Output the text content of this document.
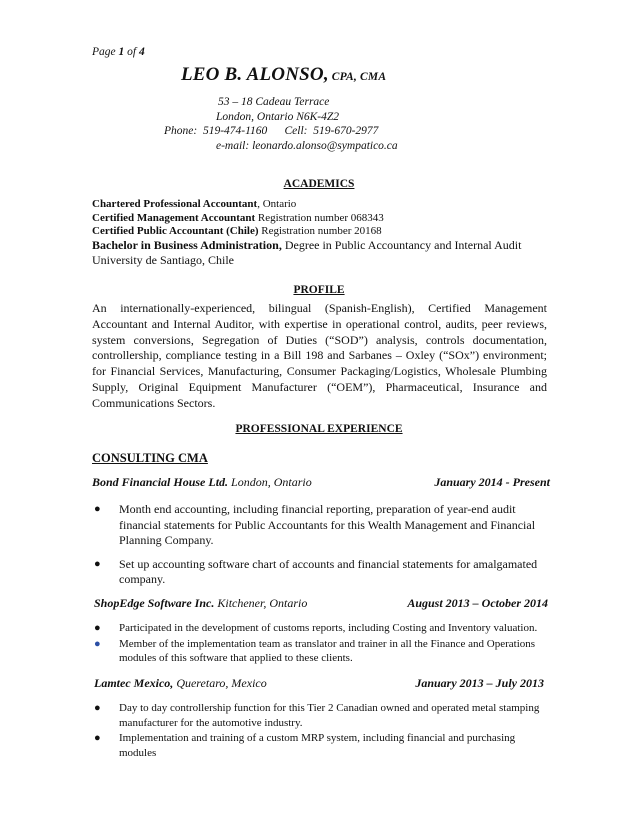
Page 1 of 4
LEO B. ALONSO, CPA, CMA
53 – 18 Cadeau Terrace
London, Ontario N6K-4Z2
Phone:  519-474-1160      Cell:  519-670-2977
e-mail: leonardo.alonso@sympatico.ca
ACADEMICS
Chartered Professional Accountant, Ontario
Certified Management Accountant Registration number 068343
Certified Public Accountant (Chile) Registration number 20168
Bachelor in Business Administration, Degree in Public Accountancy and Internal Audit
University de Santiago, Chile
PROFILE
An internationally-experienced, bilingual (Spanish-English), Certified Management Accountant and Internal Auditor, with expertise in operational control, audits, peer reviews, system conversions, Segregation of Duties (“SOD”) analysis, controls documentation, controllership, compliance testing in a Bill 198 and Sarbanes – Oxley (“SOx”) environment; for Financial Services, Manufacturing, Consumer Packaging/Logistics, Wholesale Plumbing Supply, Original Equipment Manufacturer (“OEM”), Pharmaceutical, Insurance and Communications Sectors.
PROFESSIONAL EXPERIENCE
CONSULTING CMA
Bond Financial House Ltd. London, Ontario	January 2014 - Present
● Month end accounting, including financial reporting, preparation of year-end audit financial statements for Public Accountants for this Wealth Management and Financial Planning Company.
● Set up accounting software chart of accounts and financial statements for amalgamated company.
ShopEdge Software Inc. Kitchener, Ontario	August 2013 – October 2014
● Participated in the development of customs reports, including Costing and Inventory valuation.
● Member of the implementation team as translator and trainer in all the Finance and Operations modules of this software that applied to these clients.
Lamtec Mexico, Queretaro, Mexico	January 2013 – July 2013
● Day to day controllership function for this Tier 2 Canadian owned and operated metal stamping manufacturer for the automotive industry.
● Implementation and training of a custom MRP system, including financial and purchasing modules
